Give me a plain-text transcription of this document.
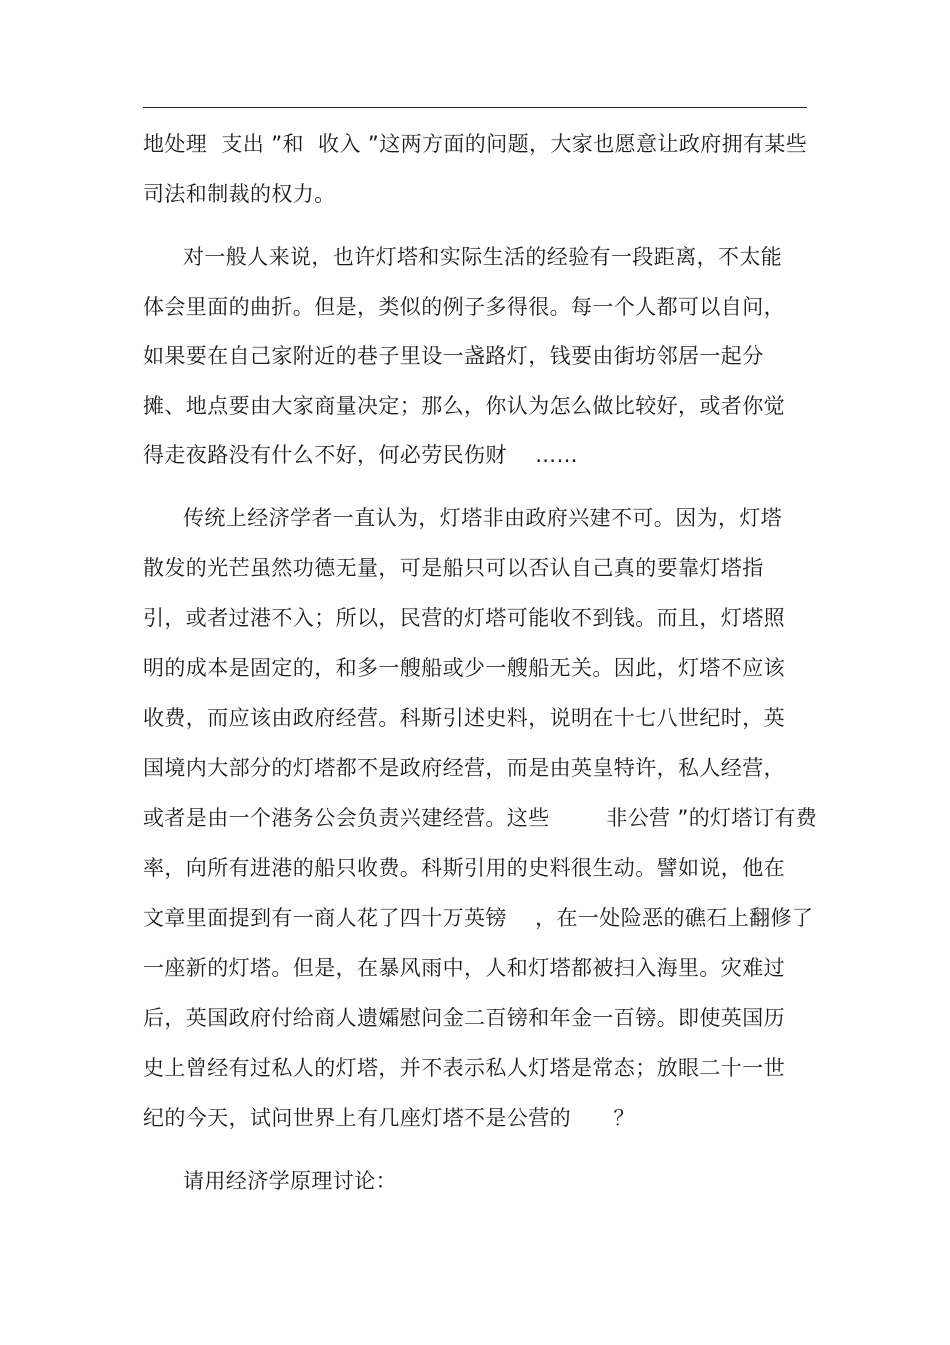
地处理  支出 ”和  收入 ”这两方面的问题，大家也愿意让政府拥有某些
司法和制裁的权力。
对一般人来说，也许灯塔和实际生活的经验有一段距离，不太能
体会里面的曲折。但是，类似的例子多得很。每一个人都可以自问，
如果要在自己家附近的巷子里设一盏路灯，钱要由街坊邻居一起分
摊、地点要由大家商量决定；那么，你认为怎么做比较好，或者你觉
得走夜路没有什么不好，何必劳民伤财    ……
传统上经济学者一直认为，灯塔非由政府兴建不可。因为，灯塔
散发的光芒虽然功德无量，可是船只可以否认自己真的要靠灯塔指
引，或者过港不入；所以，民营的灯塔可能收不到钱。而且，灯塔照
明的成本是固定的，和多一艘船或少一艘船无关。因此，灯塔不应该
收费，而应该由政府经营。科斯引述史料，说明在十七八世纪时，英
国境内大部分的灯塔都不是政府经营，而是由英皇特许，私人经营，
或者是由一个港务公会负责兴建经营。这些        非公营 ”的灯塔订有费
率，向所有进港的船只收费。科斯引用的史料很生动。譬如说，他在
文章里面提到有一商人花了四十万英镑    ，在一处险恶的礁石上翻修了
一座新的灯塔。但是，在暴风雨中，人和灯塔都被扫入海里。灾难过
后，英国政府付给商人遗孀慰问金二百镑和年金一百镑。即使英国历
史上曾经有过私人的灯塔，并不表示私人灯塔是常态；放眼二十一世
纪的今天，试问世界上有几座灯塔不是公营的      ？
请用经济学原理讨论：
